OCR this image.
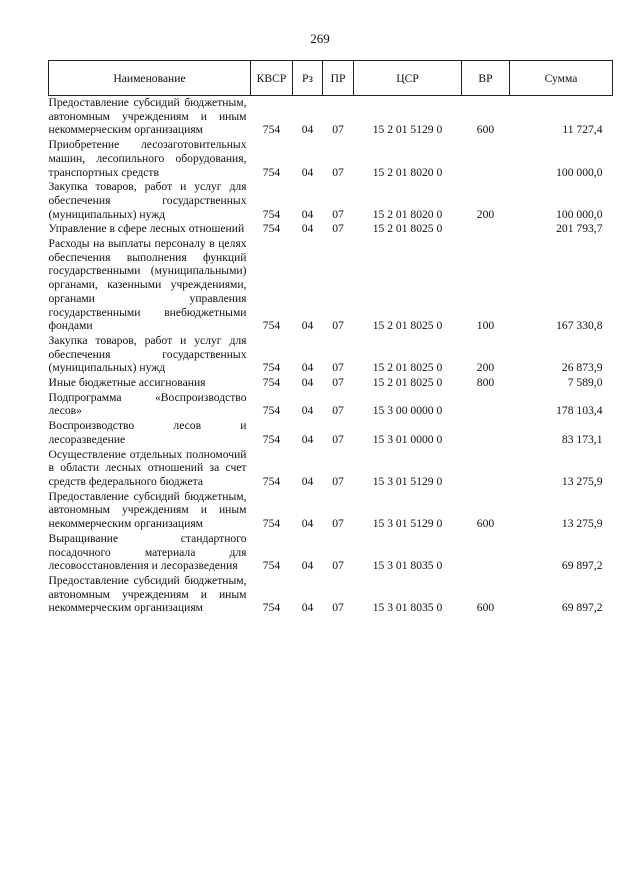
269
Наименование	КВСР	Рз	ПР	ЦСР	ВР	Сумма
Предоставление субсидий бюджетным, автономным учреждениям и иным некоммерческим организациям	754	04	07	15 2 01 5129 0	600	11 727,4
Приобретение лесозаготовительных машин, лесопильного оборудования, транспортных средств	754	04	07	15 2 01 8020 0		100 000,0
Закупка товаров, работ и услуг для обеспечения государственных (муниципальных) нужд	754	04	07	15 2 01 8020 0	200	100 000,0
Управление в сфере лесных отношений	754	04	07	15 2 01 8025 0		201 793,7
Расходы на выплаты персоналу в целях обеспечения выполнения функций государственными (муниципальными) органами, казенными учреждениями, органами управления государственными внебюджетными фондами	754	04	07	15 2 01 8025 0	100	167 330,8
Закупка товаров, работ и услуг для обеспечения государственных (муниципальных) нужд	754	04	07	15 2 01 8025 0	200	26 873,9
Иные бюджетные ассигнования	754	04	07	15 2 01 8025 0	800	7 589,0
Подпрограмма «Воспроизводство лесов»	754	04	07	15 3 00 0000 0		178 103,4
Воспроизводство лесов и лесоразведение	754	04	07	15 3 01 0000 0		83 173,1
Осуществление отдельных полномочий в области лесных отношений за счет средств федерального бюджета	754	04	07	15 3 01 5129 0		13 275,9
Предоставление субсидий бюджетным, автономным учреждениям и иным некоммерческим организациям	754	04	07	15 3 01 5129 0	600	13 275,9
Выращивание стандартного посадочного материала для лесовосстановления и лесоразведения	754	04	07	15 3 01 8035 0		69 897,2
Предоставление субсидий бюджетным, автономным учреждениям и иным некоммерческим организациям	754	04	07	15 3 01 8035 0	600	69 897,2
